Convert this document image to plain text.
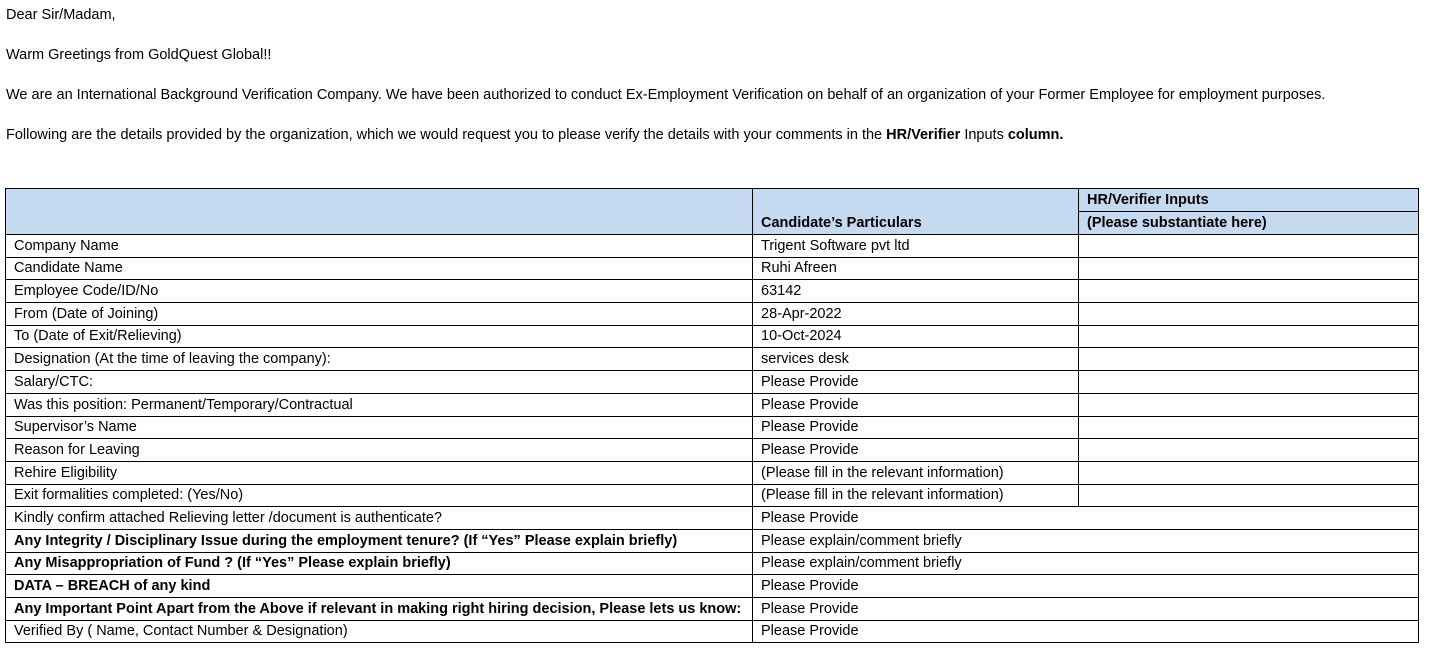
Dear Sir/Madam,

Warm Greetings from GoldQuest Global!!

We are an International Background Verification Company. We have been authorized to conduct Ex-Employment Verification on behalf of an organization of your Former Employee for employment purposes.

Following are the details provided by the organization, which we would request you to please verify the details with your comments in the HR/Verifier Inputs column.

	Candidate’s Particulars	HR/Verifier Inputs
(Please substantiate here)

Company Name	Trigent Software pvt ltd	
Candidate Name	Ruhi Afreen	
Employee Code/ID/No	63142	
From (Date of Joining)	28-Apr-2022	
To (Date of Exit/Relieving)	10-Oct-2024	
Designation (At the time of leaving the company):	services desk	
Salary/CTC:	Please Provide	
Was this position: Permanent/Temporary/Contractual	Please Provide	
Supervisor’s Name	Please Provide	
Reason for Leaving	Please Provide	
Rehire Eligibility	(Please fill in the relevant information)	
Exit formalities completed: (Yes/No)	(Please fill in the relevant information)	
Kindly confirm attached Relieving letter /document is authenticate?	Please Provide	
Any Integrity / Disciplinary Issue during the employment tenure? (If “Yes” Please explain briefly)	Please explain/comment briefly	
Any Misappropriation of Fund ? (If “Yes” Please explain briefly)	Please explain/comment briefly	
DATA – BREACH of any kind	Please Provide	
Any Important Point Apart from the Above if relevant in making right hiring decision, Please lets us know:	Please Provide	
Verified By ( Name, Contact Number & Designation)	Please Provide	
